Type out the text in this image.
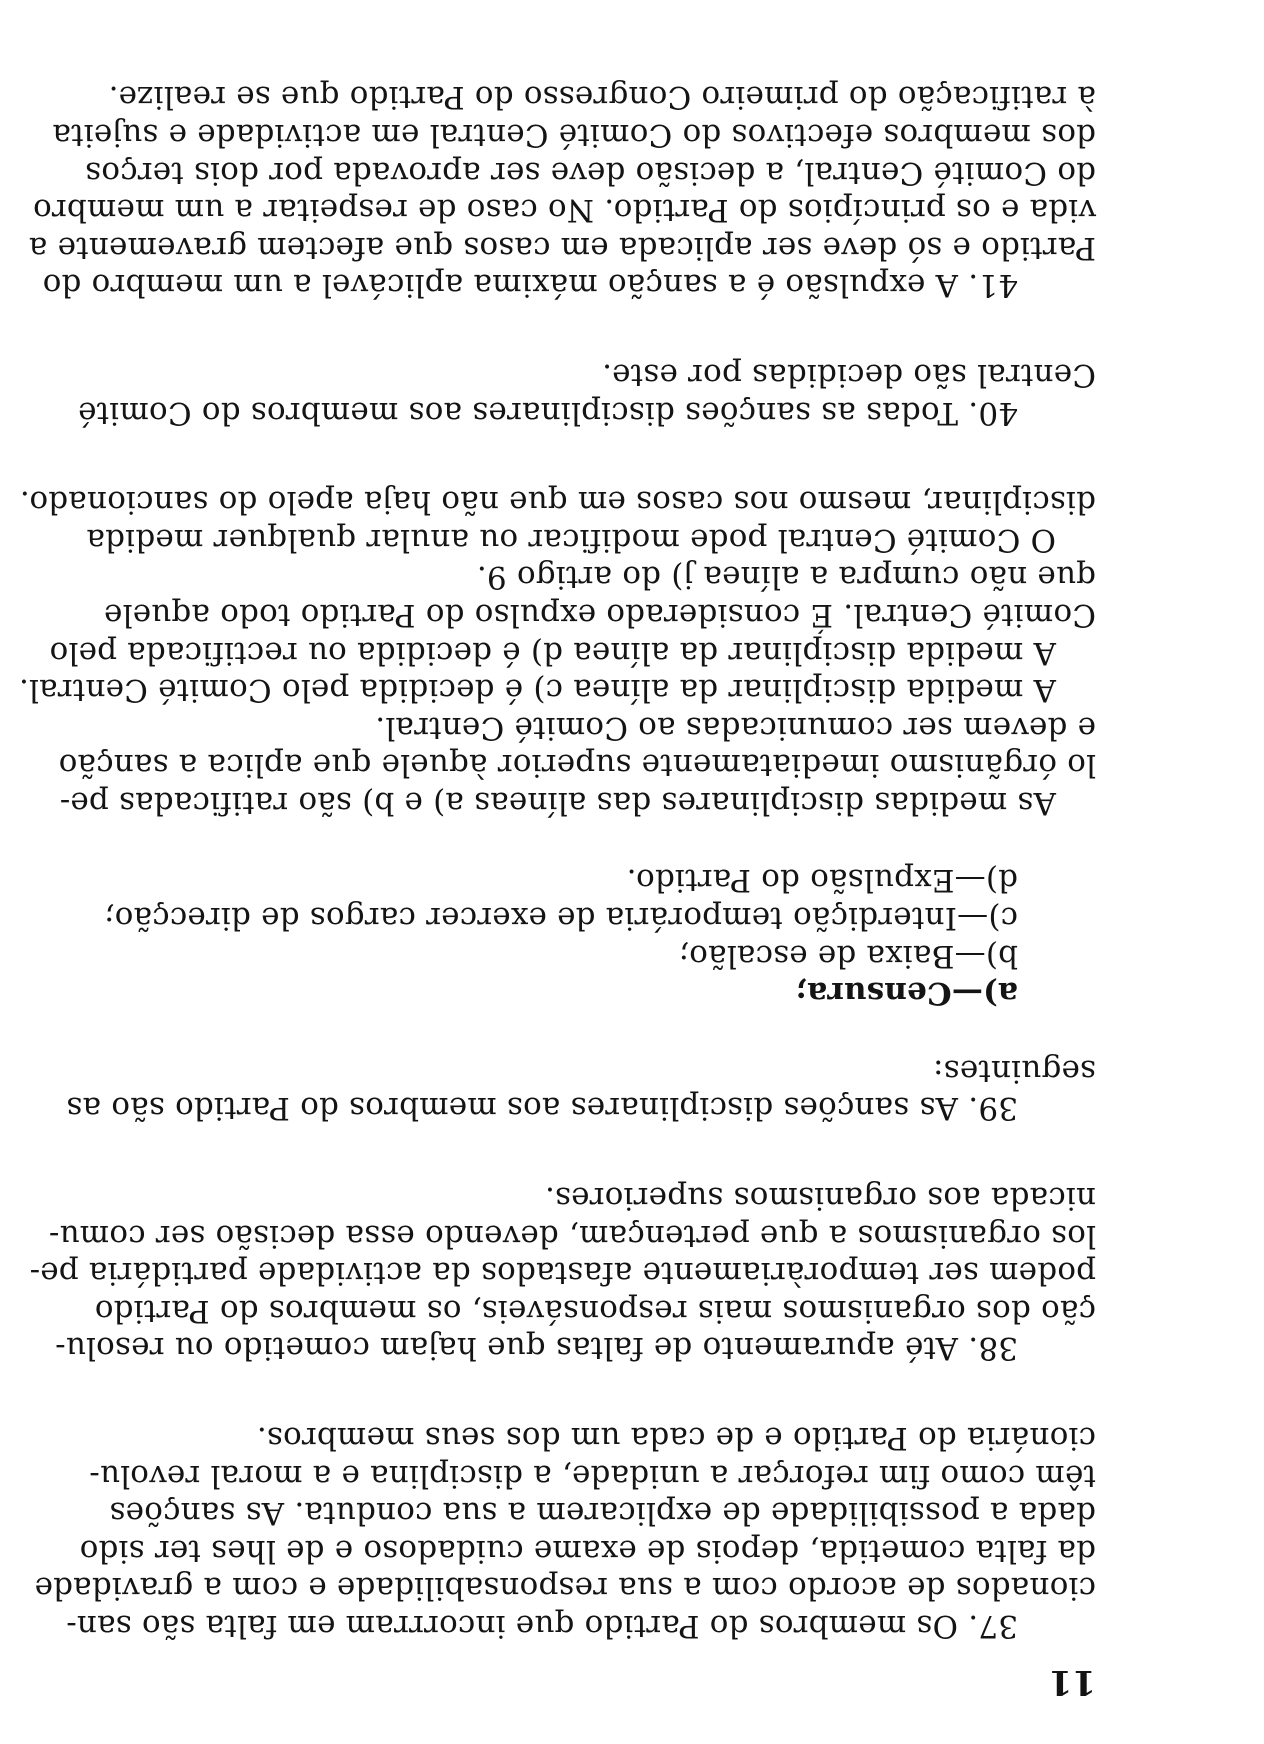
11
37. Os membros do Partido que incorrram em falta são san-
cionados de acordo com a sua responsabilidade e com a gravidade
da falta cometida, depois de exame cuidadoso e de lhes ter sido
dada a possibilidade de explicarem a sua conduta. As sanções
têm como fim reforçar a unidade, a disciplina e a moral revolu-
cionária do Partido e de cada um dos seus membros.
38. Até apuramento de faltas que hajam cometido ou resolu-
ção dos organismos mais responsáveis, os membros do Partido
podem ser temporàriamente afastados da actividade partidária pe-
los organismos a que pertençam, devendo essa decisão ser comu-
nicada aos organismos superiores.
39. As sanções disciplinares aos membros do Partido são as
seguintes:
a)—Censura;
b)—Baixa de escalão;
c)—Interdição temporária de exercer cargos de direcção;
d)—Expulsão do Partido.
As medidas disciplinares das alíneas a) e b) são ratificadas pe-
lo órgãnismo imediatamente superior àquele que aplica a sanção
e devem ser comunicadas ao Comité Central.
A medida disciplinar da alínea c) é decidida pelo Comité Central.
A medida disciplinar da alínea d) é decidida ou rectificada pelo
Comité Central. É considerado expulso do Partido todo aquele
que não cumpra a alínea j) do artigo 9.
O Comité Central pode modificar ou anular qualquer medida
disciplinar, mesmo nos casos em que não haja apelo do sancionado.
40. Todas as sanções disciplinares aos membros do Comité
Central são decididas por este.
41. A expulsão é a sanção máxima aplicável a um membro do
Partido e só deve ser aplicada em casos que afectem gravemente a
vida e os princípios do Partido. No caso de respeitar a um membro
do Comité Central, a decisão deve ser aprovada por dois terços
dos membros efectivos do Comité Central em actividade e sujeita
à ratificação do primeiro Congresso do Partido que se realize.
